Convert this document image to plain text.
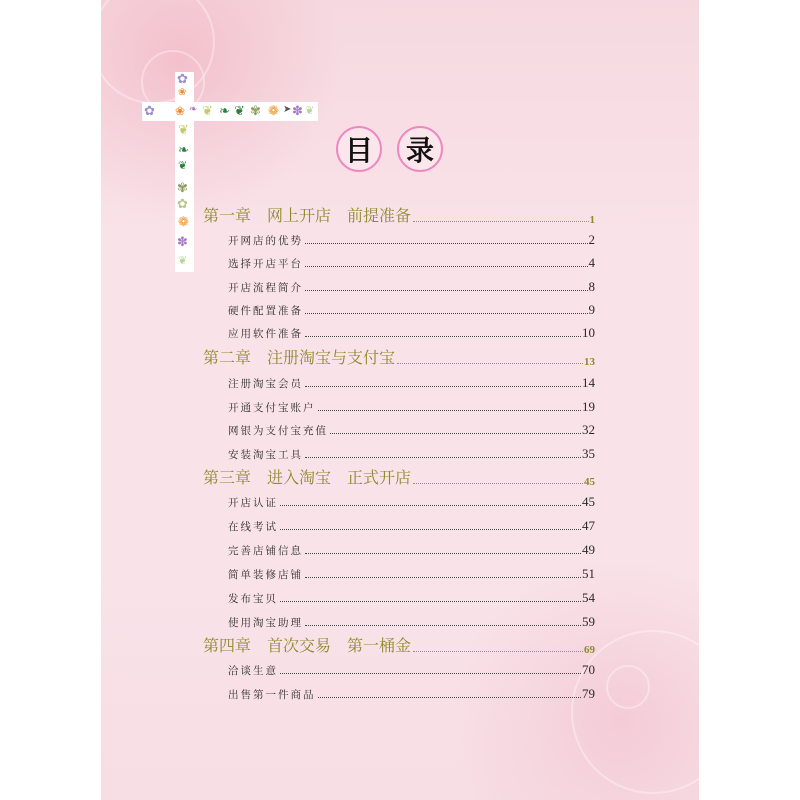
✿
❀
❦
❧
❦
✾
✿
❁
✽
❦
✿ ❀ ❧ ❦ ❧ ❦ ✾ ❁ ➤ ✽ ❦
目	录
第一章　网上开店　前提准备	1
开网店的优势	2
选择开店平台	4
开店流程简介	8
硬件配置准备	9
应用软件准备	10
第二章　注册淘宝与支付宝	13
注册淘宝会员	14
开通支付宝账户	19
网银为支付宝充值	32
安装淘宝工具	35
第三章　进入淘宝　正式开店	45
开店认证	45
在线考试	47
完善店铺信息	49
简单装修店铺	51
发布宝贝	54
使用淘宝助理	59
第四章　首次交易　第一桶金	69
洽谈生意	70
出售第一件商品	79
